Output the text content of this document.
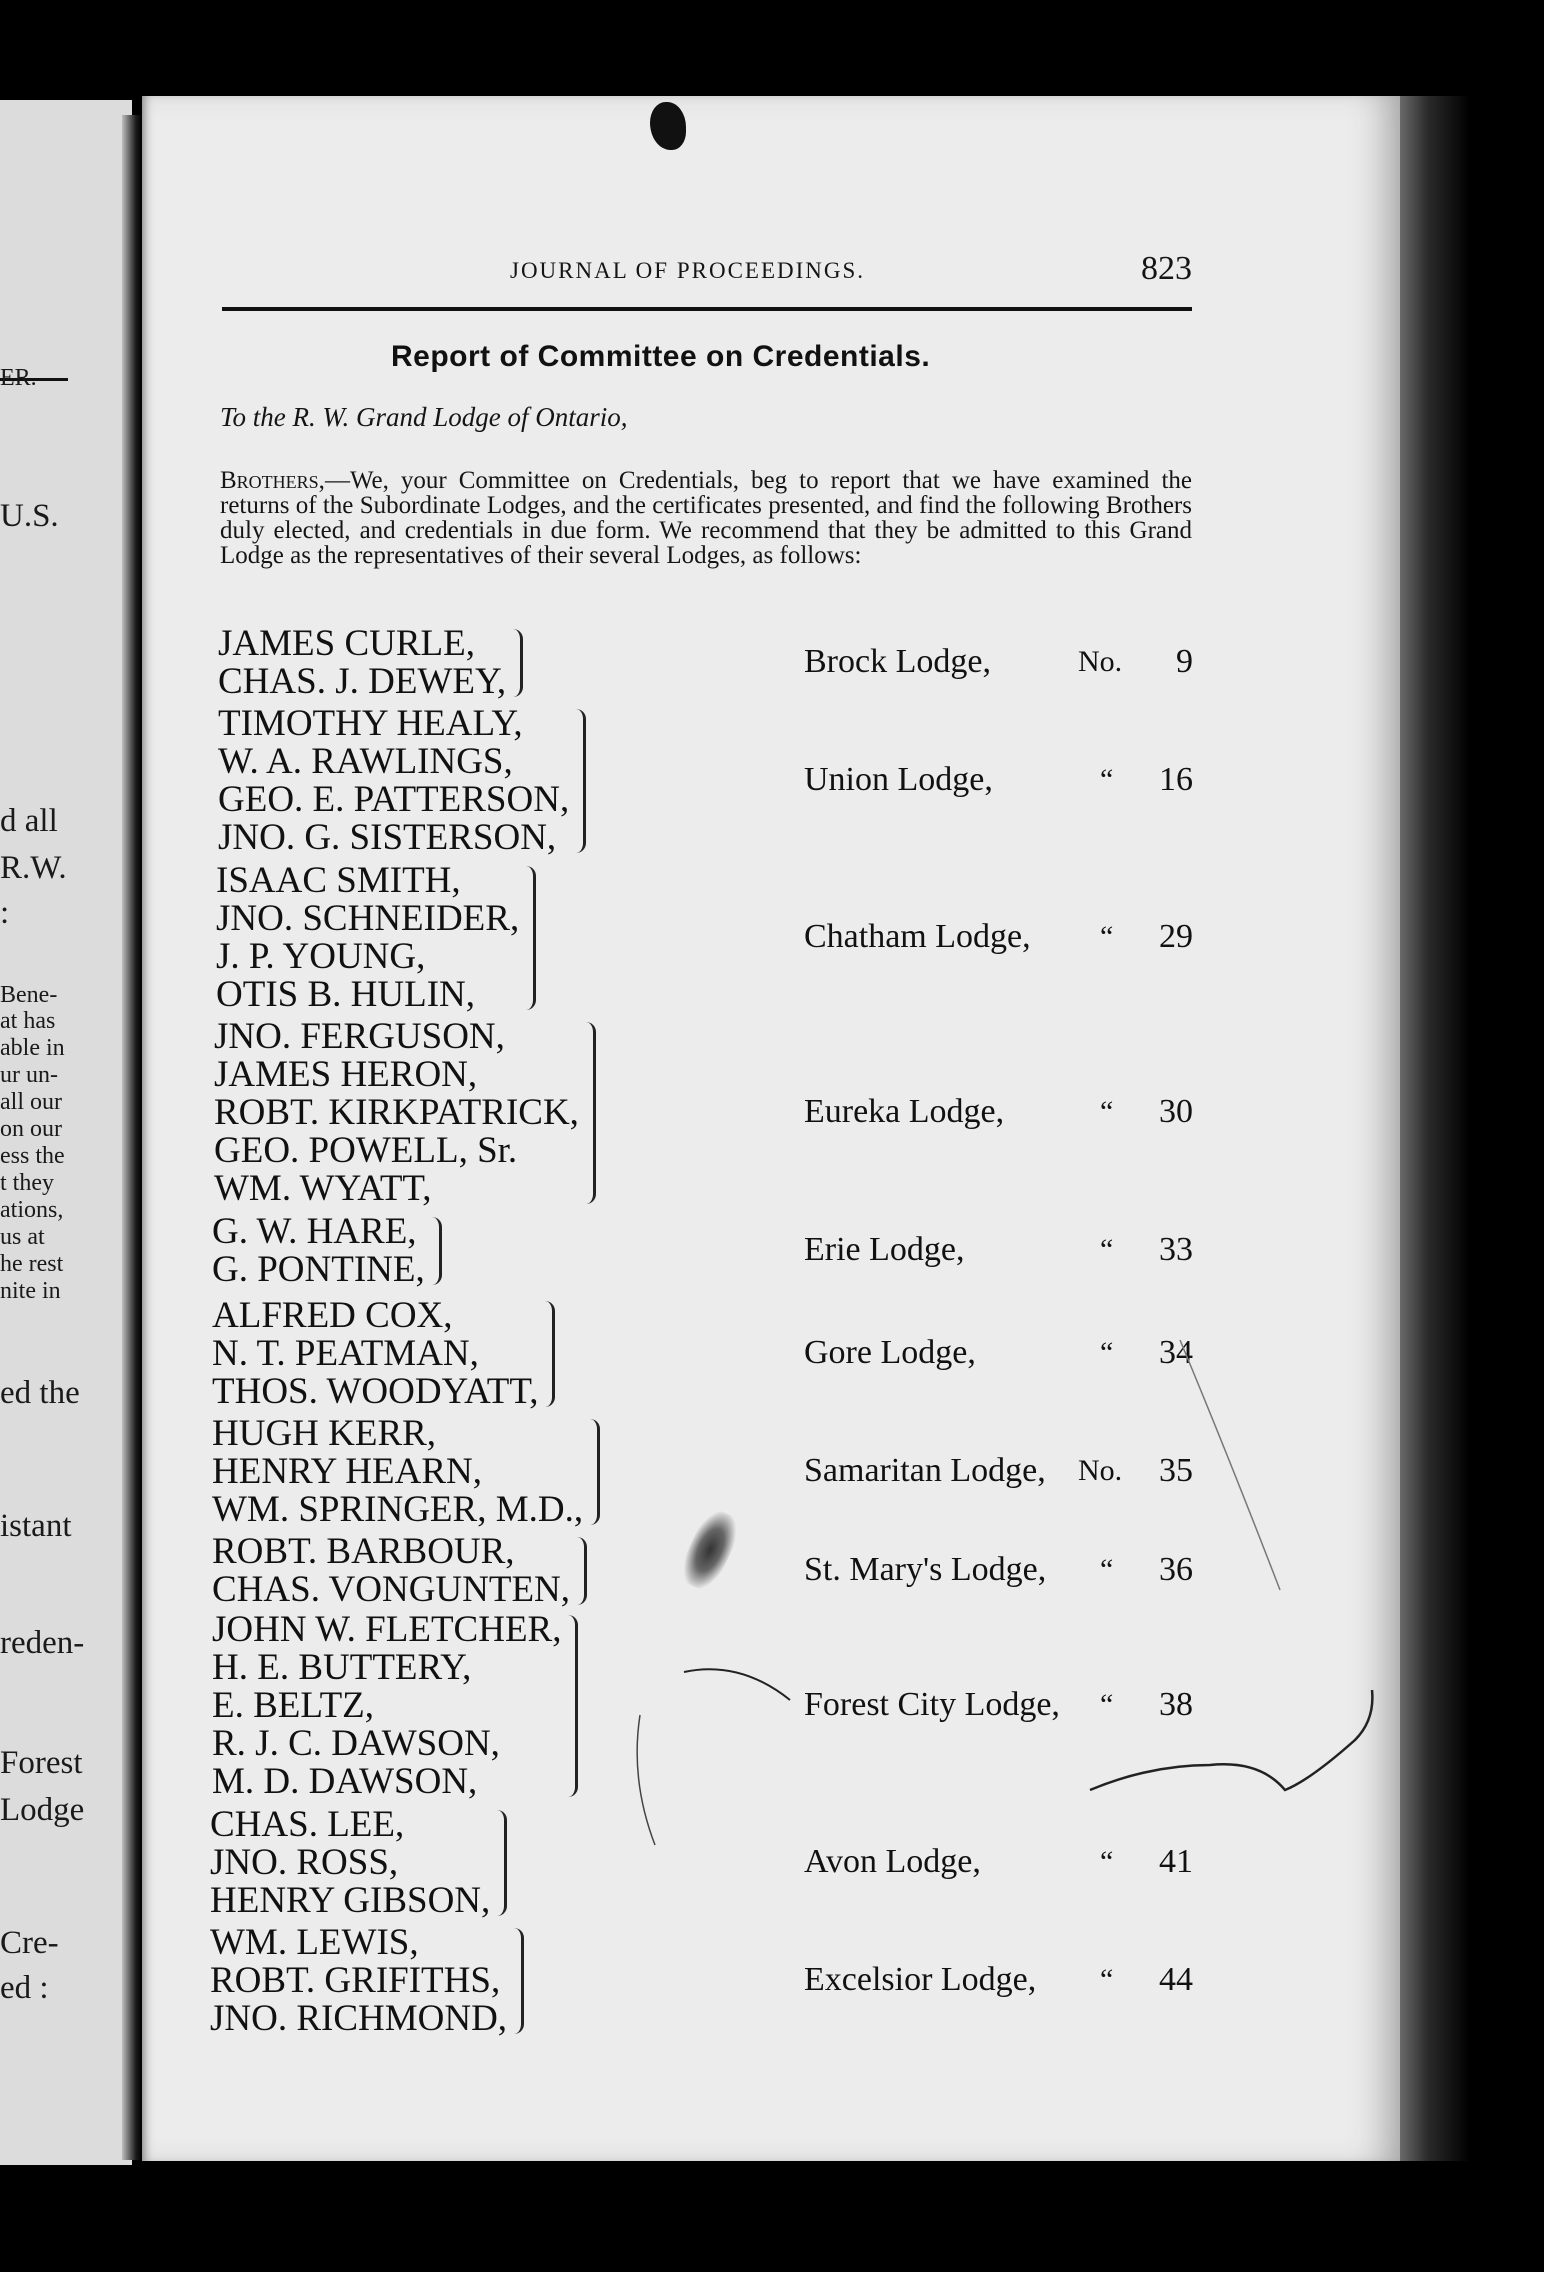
ER.
U.S.
d all
R.W.
:
Bene-
at has
able in
ur un-
all our
on our
ess the
t they
ations,
us at
he rest
nite in
ed the
istant
reden-
Forest
Lodge
Cre-
ed :
JOURNAL OF PROCEEDINGS.	823
Report of Committee on Credentials.
To the R. W. Grand Lodge of Ontario,
Brothers,—We, your Committee on Credentials, beg to report that we have examined the returns of the Subordinate Lodges, and the certificates presented, and find the following Brothers duly elected, and credentials in due form. We recommend that they be admitted to this Grand Lodge as the representatives of their several Lodges, as follows:
JAMES CURLE,
CHAS. J. DEWEY,	Brock Lodge,	No.	9
TIMOTHY HEALY,
W. A. RAWLINGS,
GEO. E. PATTERSON,
JNO. G. SISTERSON,
Union Lodge,	“	16
ISAAC SMITH,
JNO. SCHNEIDER,
J. P. YOUNG,
OTIS B. HULIN,
Chatham Lodge, “	29
JNO. FERGUSON,
JAMES HERON,
ROBT. KIRKPATRICK,
GEO. POWELL, Sr.
WM. WYATT,
Eureka Lodge,	“	30
G. W. HARE,
G. PONTINE,	Erie Lodge,	“	33
ALFRED COX,
N. T. PEATMAN,
THOS. WOODYATT,
Gore Lodge,	“	34
HUGH KERR,
HENRY HEARN,
WM. SPRINGER, M.D.,
Samaritan Lodge, No.	35
ROBT. BARBOUR,
CHAS. VONGUNTEN,	St. Mary's Lodge, “	36
JOHN W. FLETCHER,
H. E. BUTTERY,
E. BELTZ,
R. J. C. DAWSON,
M. D. DAWSON,
Forest City Lodge, “	38
CHAS. LEE,
JNO. ROSS,
HENRY GIBSON,
Avon Lodge,	“	41
WM. LEWIS,
ROBT. GRIFITHS,
JNO. RICHMOND,
Excelsior Lodge, “	44
